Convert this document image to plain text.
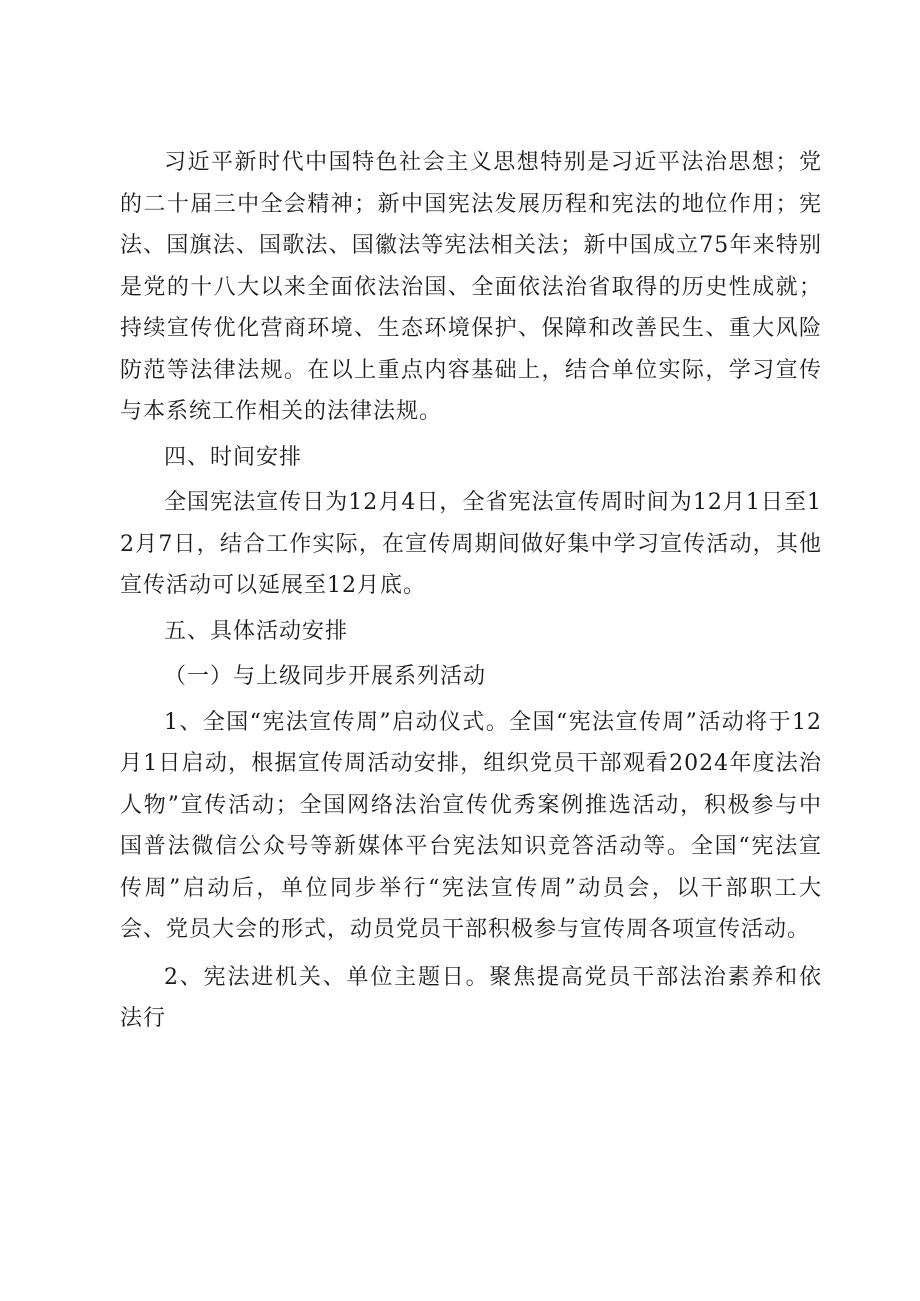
习近平新时代中国特色社会主义思想特别是习近平法治思想；党的二十届三中全会精神；新中国宪法发展历程和宪法的地位作用；宪法、国旗法、国歌法、国徽法等宪法相关法；新中国成立75年来特别是党的十八大以来全面依法治国、全面依法治省取得的历史性成就；持续宣传优化营商环境、生态环境保护、保障和改善民生、重大风险防范等法律法规。在以上重点内容基础上，结合单位实际，学习宣传与本系统工作相关的法律法规。

四、时间安排

全国宪法宣传日为12月4日，全省宪法宣传周时间为12月1日至12月7日，结合工作实际，在宣传周期间做好集中学习宣传活动，其他宣传活动可以延展至12月底。

五、具体活动安排

（一）与上级同步开展系列活动

1、全国“宪法宣传周”启动仪式。全国“宪法宣传周”活动将于12月1日启动，根据宣传周活动安排，组织党员干部观看2024年度法治人物”宣传活动；全国网络法治宣传优秀案例推选活动，积极参与中国普法微信公众号等新媒体平台宪法知识竞答活动等。全国“宪法宣传周”启动后，单位同步举行“宪法宣传周”动员会，以干部职工大会、党员大会的形式，动员党员干部积极参与宣传周各项宣传活动。

2、宪法进机关、单位主题日。聚焦提高党员干部法治素养和依法行
